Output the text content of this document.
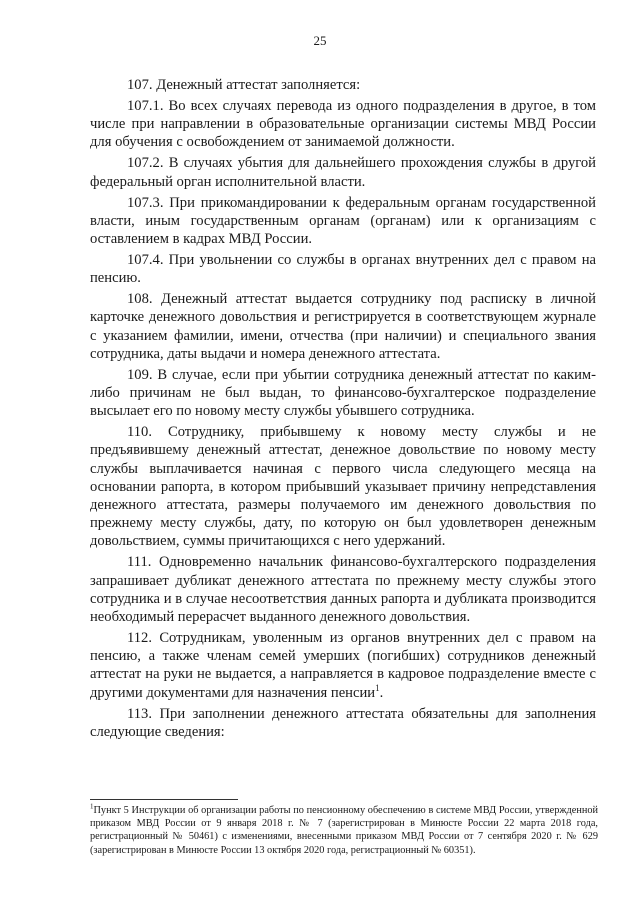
25

107. Денежный аттестат заполняется:

107.1. Во всех случаях перевода из одного подразделения в другое, в том числе при направлении в образовательные организации системы МВД России для обучения с освобождением от занимаемой должности.

107.2. В случаях убытия для дальнейшего прохождения службы в другой федеральный орган исполнительной власти.

107.3. При прикомандировании к федеральным органам государственной власти, иным государственным органам (органам) или к организациям с оставлением в кадрах МВД России.

107.4. При увольнении со службы в органах внутренних дел с правом на пенсию.

108. Денежный аттестат выдается сотруднику под расписку в личной карточке денежного довольствия и регистрируется в соответствующем журнале с указанием фамилии, имени, отчества (при наличии) и специального звания сотрудника, даты выдачи и номера денежного аттестата.

109. В случае, если при убытии сотрудника денежный аттестат по каким-либо причинам не был выдан, то финансово-бухгалтерское подразделение высылает его по новому месту службы убывшего сотрудника.

110. Сотруднику, прибывшему к новому месту службы и не предъявившему денежный аттестат, денежное довольствие по новому месту службы выплачивается начиная с первого числа следующего месяца на основании рапорта, в котором прибывший указывает причину непредставления денежного аттестата, размеры получаемого им денежного довольствия по прежнему месту службы, дату, по которую он был удовлетворен денежным довольствием, суммы причитающихся с него удержаний.

111. Одновременно начальник финансово-бухгалтерского подразделения запрашивает дубликат денежного аттестата по прежнему месту службы этого сотрудника и в случае несоответствия данных рапорта и дубликата производится необходимый перерасчет выданного денежного довольствия.

112. Сотрудникам, уволенным из органов внутренних дел с правом на пенсию, а также членам семей умерших (погибших) сотрудников денежный аттестат на руки не выдается, а направляется в кадровое подразделение вместе с другими документами для назначения пенсии$^1$.

113. При заполнении денежного аттестата обязательны для заполнения следующие сведения:

$^1$Пункт 5 Инструкции об организации работы по пенсионному обеспечению в системе МВД России, утвержденной приказом МВД России от 9 января 2018 г. № 7 (зарегистрирован в Минюсте России 22 марта 2018 года, регистрационный № 50461) с изменениями, внесенными приказом МВД России от 7 сентября 2020 г. № 629 (зарегистрирован в Минюсте России 13 октября 2020 года, регистрационный № 60351).
